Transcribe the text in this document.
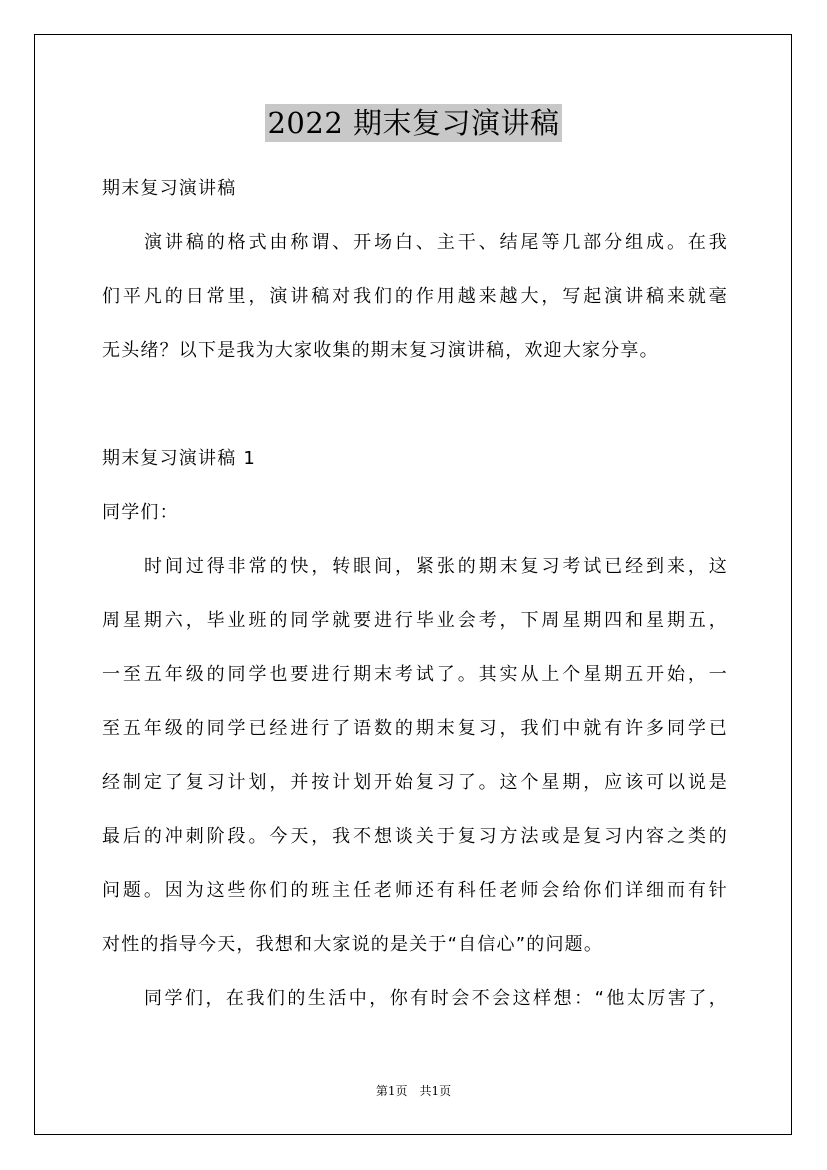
2022 期末复习演讲稿
期末复习演讲稿
演讲稿的格式由称谓、开场白、主干、结尾等几部分组成。在我
们平凡的日常里，演讲稿对我们的作用越来越大，写起演讲稿来就毫
无头绪？以下是我为大家收集的期末复习演讲稿，欢迎大家分享。
期末复习演讲稿 1
同学们：
时间过得非常的快，转眼间，紧张的期末复习考试已经到来，这
周星期六，毕业班的同学就要进行毕业会考，下周星期四和星期五，
一至五年级的同学也要进行期末考试了。其实从上个星期五开始，一
至五年级的同学已经进行了语数的期末复习，我们中就有许多同学已
经制定了复习计划，并按计划开始复习了。这个星期，应该可以说是
最后的冲刺阶段。今天，我不想谈关于复习方法或是复习内容之类的
问题。因为这些你们的班主任老师还有科任老师会给你们详细而有针
对性的指导今天，我想和大家说的是关于“自信心”的问题。
同学们，在我们的生活中，你有时会不会这样想：“他太厉害了，
第1页　共1页
